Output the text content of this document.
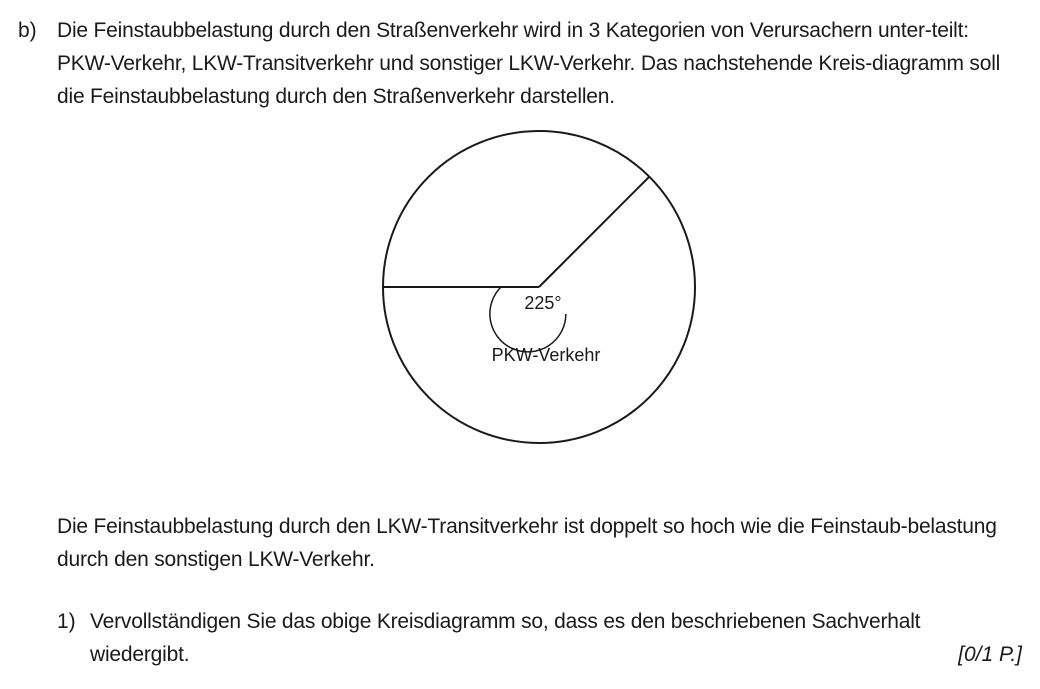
b) Die Feinstaubbelastung durch den Straßenverkehr wird in 3 Kategorien von Verursachern unter-teilt: PKW-Verkehr, LKW-Transitverkehr und sonstiger LKW-Verkehr. Das nachstehende Kreis-diagramm soll die Feinstaubbelastung durch den Straßenverkehr darstellen.

225°
PKW-Verkehr

Die Feinstaubbelastung durch den LKW-Transitverkehr ist doppelt so hoch wie die Feinstaub-belastung durch den sonstigen LKW-Verkehr.

1) Vervollständigen Sie das obige Kreisdiagramm so, dass es den beschriebenen Sachverhalt wiedergibt.	[0/1 P.]
